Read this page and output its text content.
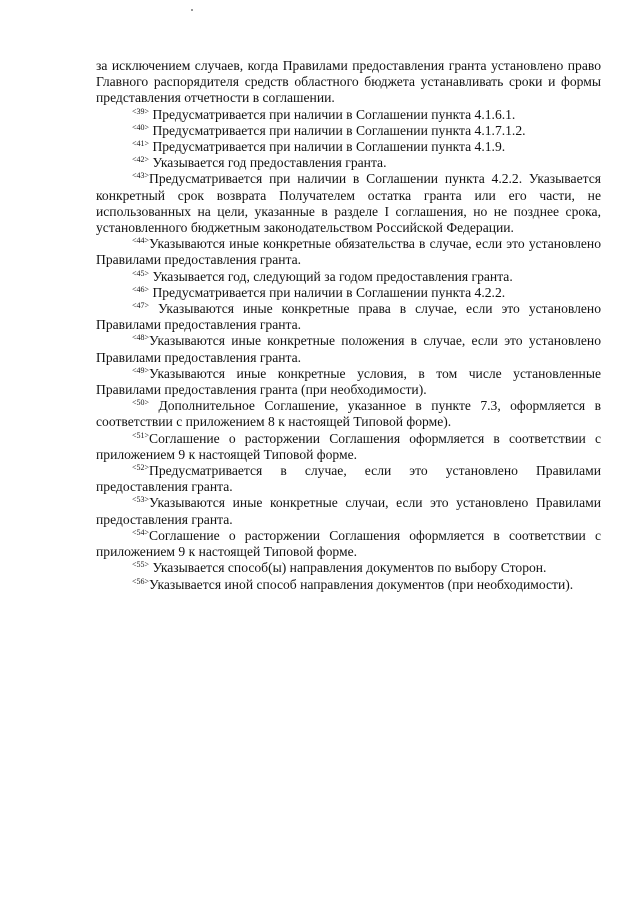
за исключением случаев, когда Правилами предоставления гранта установлено право Главного распорядителя средств областного бюджета устанавливать сроки и формы представления отчетности в соглашении.

$^{<39>}$ Предусматривается при наличии в Соглашении пункта 4.1.6.1.

$^{<40>}$ Предусматривается при наличии в Соглашении пункта 4.1.7.1.2.

$^{<41>}$ Предусматривается при наличии в Соглашении пункта 4.1.9.

$^{<42>}$ Указывается год предоставления гранта.

$^{<43>}$Предусматривается при наличии в Соглашении пункта 4.2.2. Указывается конкретный срок возврата Получателем остатка гранта или его части, не использованных на цели, указанные в разделе I соглашения, но не позднее срока, установленного бюджетным законодательством Российской Федерации.

$^{<44>}$Указываются иные конкретные обязательства в случае, если это установлено Правилами предоставления гранта.

$^{<45>}$ Указывается год, следующий за годом предоставления гранта.

$^{<46>}$ Предусматривается при наличии в Соглашении пункта 4.2.2.

$^{<47>}$ Указываются иные конкретные права в случае, если это установлено Правилами предоставления гранта.

$^{<48>}$Указываются иные конкретные положения в случае, если это установлено Правилами предоставления гранта.

$^{<49>}$Указываются иные конкретные условия, в том числе установленные Правилами предоставления гранта (при необходимости).

$^{<50>}$ Дополнительное Соглашение, указанное в пункте 7.3, оформляется в соответствии с приложением 8 к настоящей Типовой форме).

$^{<51>}$Соглашение о расторжении Соглашения оформляется в соответствии с приложением 9 к настоящей Типовой форме.

$^{<52>}$Предусматривается в случае, если это установлено Правилами предоставления гранта.

$^{<53>}$Указываются иные конкретные случаи, если это установлено Правилами предоставления гранта.

$^{<54>}$Соглашение о расторжении Соглашения оформляется в соответствии с приложением 9 к настоящей Типовой форме.

$^{<55>}$ Указывается способ(ы) направления документов по выбору Сторон.

$^{<56>}$Указывается иной способ направления документов (при необходимости).
